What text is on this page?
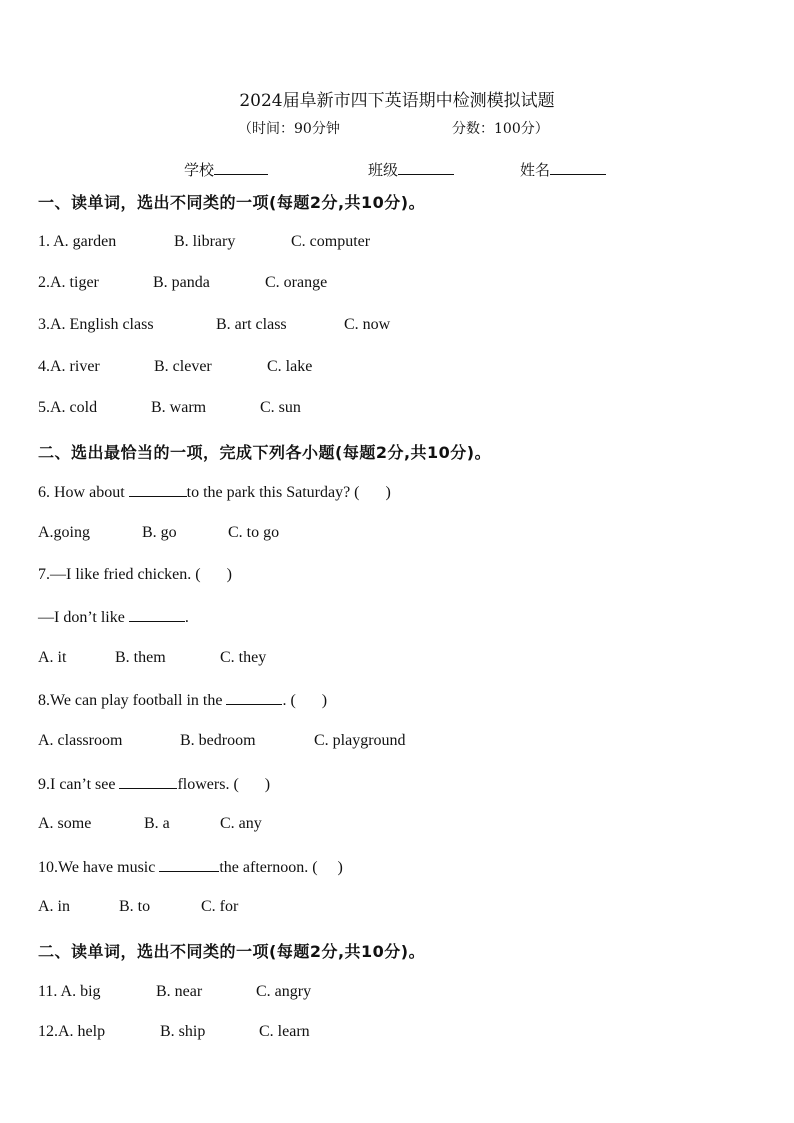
2024届阜新市四下英语期中检测模拟试题
（时间：90分钟	分数：100分）
学校	班级	姓名
一、读单词，选出不同类的一项(每题2分,共10分)。
1. A. garden	B. library	C. computer
2.A. tiger	B. panda	C. orange
3.A. English class	B. art class	C. now
4.A. river	B. clever	C. lake
5.A. cold	B. warm	C. sun
二、选出最恰当的一项，完成下列各小题(每题2分,共10分)。
6. How about	to the park this Saturday? ( )
A.going	B. go	C. to go
7.—I like fried chicken. ( )
—I don’t like	.
A. it	B. them	C. they
8.We can play football in the	. ( )
A. classroom	B. bedroom	C. playground
9.I can’t see	flowers. ( )
A. some	B. a	C. any
10.We have music	the afternoon. ( )
A. in	B. to	C. for
二、读单词，选出不同类的一项(每题2分,共10分)。
11. A. big	B. near	C. angry
12.A. help	B. ship	C. learn
